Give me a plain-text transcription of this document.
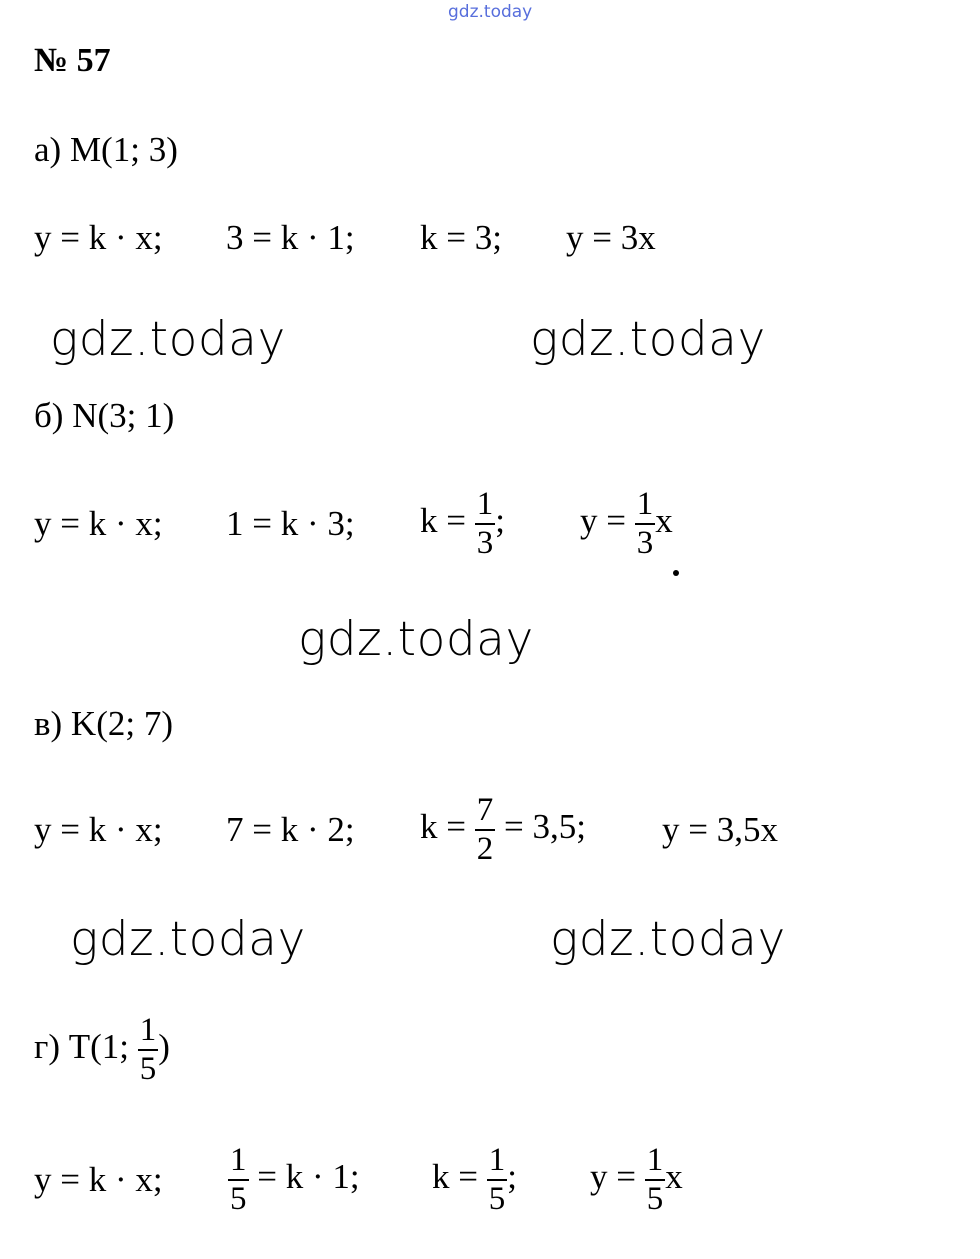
gdz.today
№ 57
а) M(1; 3)
y = k · x; 3 = k · 1; k = 3; y = 3x
gdz.today	gdz.today
б) N(3; 1)
y = k · x; 1 = k · 3; $k = \frac{1}{3}$ ; $y = \frac{1}{3}$ x
gdz.today
в) K(2; 7)
y = k · x; 7 = k · 2; $k = \frac{7}{2} = 3,5$; y = 3,5x
gdz.today	gdz.today
г) T(1; $\frac{1}{5}$ )
y = k · x; $\frac{1}{5} = k \cdot 1$; $k = \frac{1}{5}$ ; $y = \frac{1}{5}$ x
